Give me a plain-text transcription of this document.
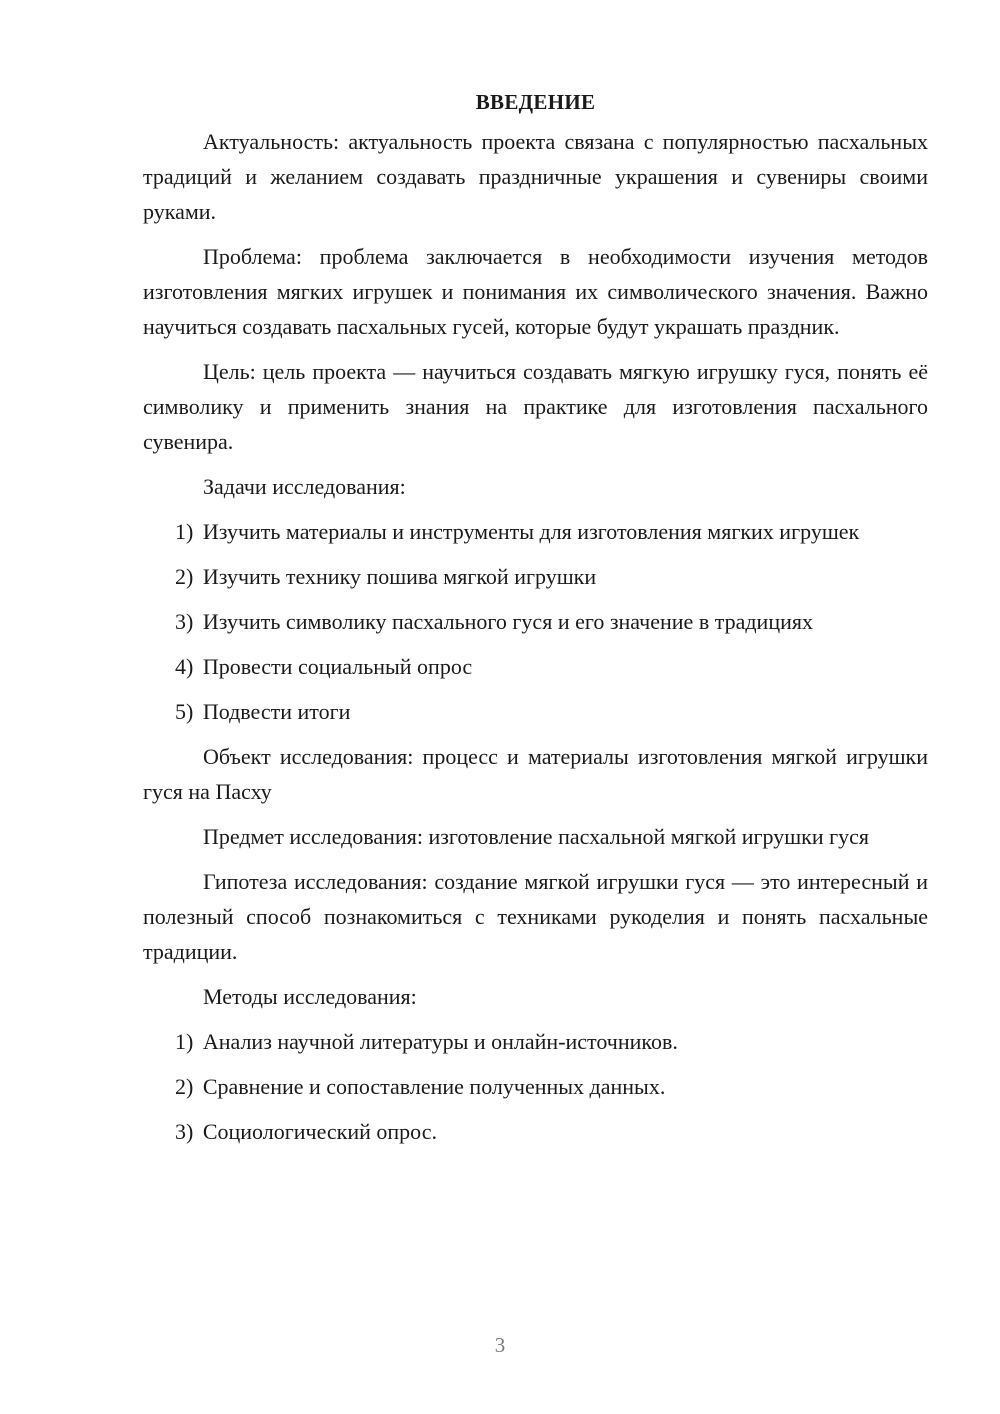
ВВЕДЕНИЕ

Актуальность: актуальность проекта связана с популярностью пасхальных традиций и желанием создавать праздничные украшения и сувениры своими руками.

Проблема: проблема заключается в необходимости изучения методов изготовления мягких игрушек и понимания их символического значения. Важно научиться создавать пасхальных гусей, которые будут украшать праздник.

Цель: цель проекта — научиться создавать мягкую игрушку гуся, понять её символику и применить знания на практике для изготовления пасхального сувенира.

Задачи исследования:

1) Изучить материалы и инструменты для изготовления мягких игрушек

2) Изучить технику пошива мягкой игрушки

3) Изучить символику пасхального гуся и его значение в традициях

4) Провести социальный опрос

5) Подвести итоги

Объект исследования: процесс и материалы изготовления мягкой игрушки гуся на Пасху

Предмет исследования: изготовление пасхальной мягкой игрушки гуся

Гипотеза исследования: создание мягкой игрушки гуся — это интересный и полезный способ познакомиться с техниками рукоделия и понять пасхальные традиции.

Методы исследования:

1) Анализ научной литературы и онлайн-источников.

2) Сравнение и сопоставление полученных данных.

3) Социологический опрос.

3
